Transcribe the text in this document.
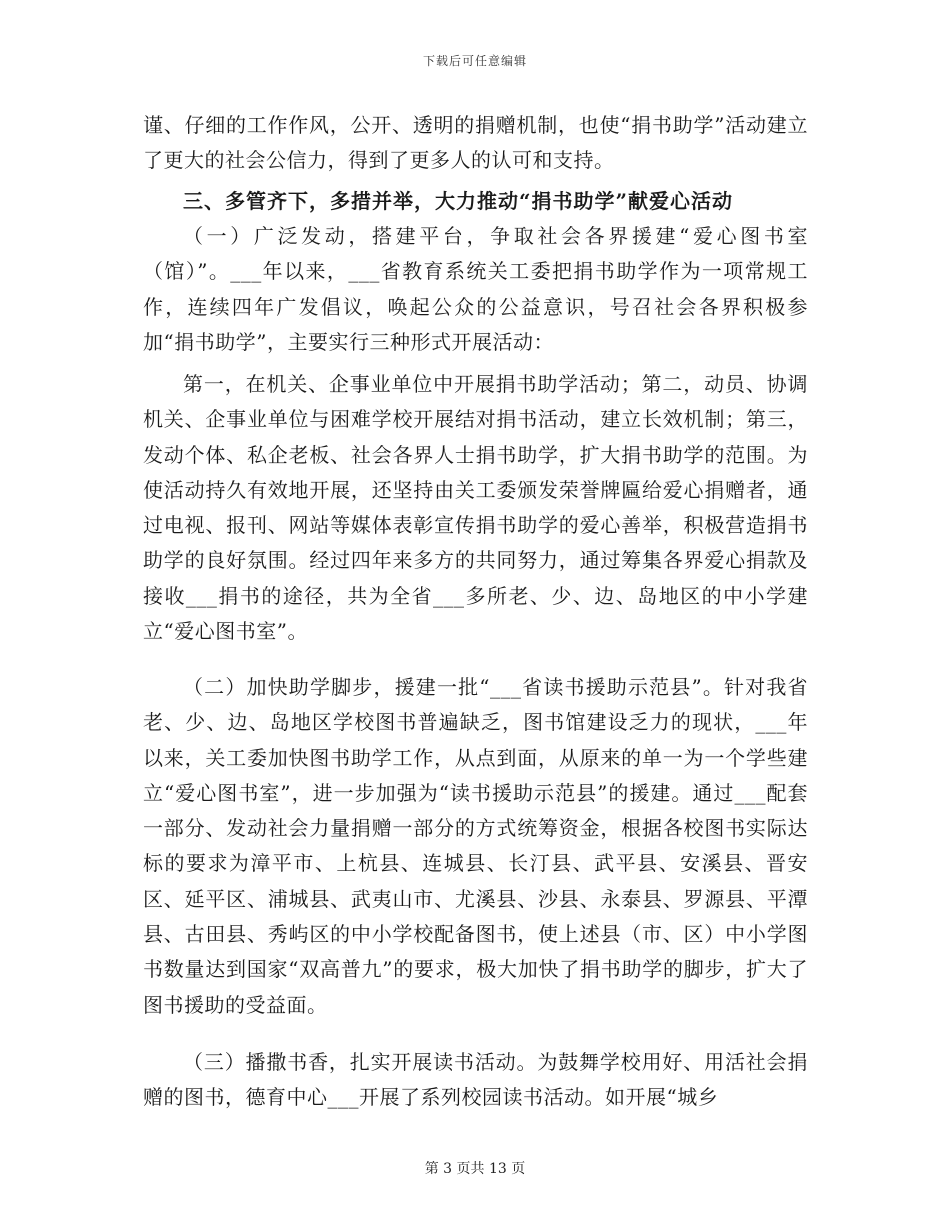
下载后可任意编辑

谨、仔细的工作作风，公开、透明的捐赠机制，也使“捐书助学”活动建立了更大的社会公信力，得到了更多人的认可和支持。

三、多管齐下，多措并举，大力推动“捐书助学”献爱心活动

（一）广泛发动，搭建平台，争取社会各界援建“爱心图书室（馆）”。___年以来，___省教育系统关工委把捐书助学作为一项常规工作，连续四年广发倡议，唤起公众的公益意识，号召社会各界积极参加“捐书助学”，主要实行三种形式开展活动：

第一，在机关、企事业单位中开展捐书助学活动；第二，动员、协调机关、企事业单位与困难学校开展结对捐书活动，建立长效机制；第三，发动个体、私企老板、社会各界人士捐书助学，扩大捐书助学的范围。为使活动持久有效地开展，还坚持由关工委颁发荣誉牌匾给爱心捐赠者，通过电视、报刊、网站等媒体表彰宣传捐书助学的爱心善举，积极营造捐书助学的良好氛围。经过四年来多方的共同努力，通过筹集各界爱心捐款及接收___捐书的途径，共为全省___多所老、少、边、岛地区的中小学建立“爱心图书室”。

（二）加快助学脚步，援建一批“___省读书援助示范县”。针对我省老、少、边、岛地区学校图书普遍缺乏，图书馆建设乏力的现状，___年以来，关工委加快图书助学工作，从点到面，从原来的单一为一个学些建立“爱心图书室”，进一步加强为“读书援助示范县”的援建。通过___配套一部分、发动社会力量捐赠一部分的方式统筹资金，根据各校图书实际达标的要求为漳平市、上杭县、连城县、长汀县、武平县、安溪县、晋安区、延平区、浦城县、武夷山市、尤溪县、沙县、永泰县、罗源县、平潭县、古田县、秀屿区的中小学校配备图书，使上述县（市、区）中小学图书数量达到国家“双高普九”的要求，极大加快了捐书助学的脚步，扩大了图书援助的受益面。

（三）播撒书香，扎实开展读书活动。为鼓舞学校用好、用活社会捐赠的图书，德育中心___开展了系列校园读书活动。如开展“城乡

第 3 页共 13 页
